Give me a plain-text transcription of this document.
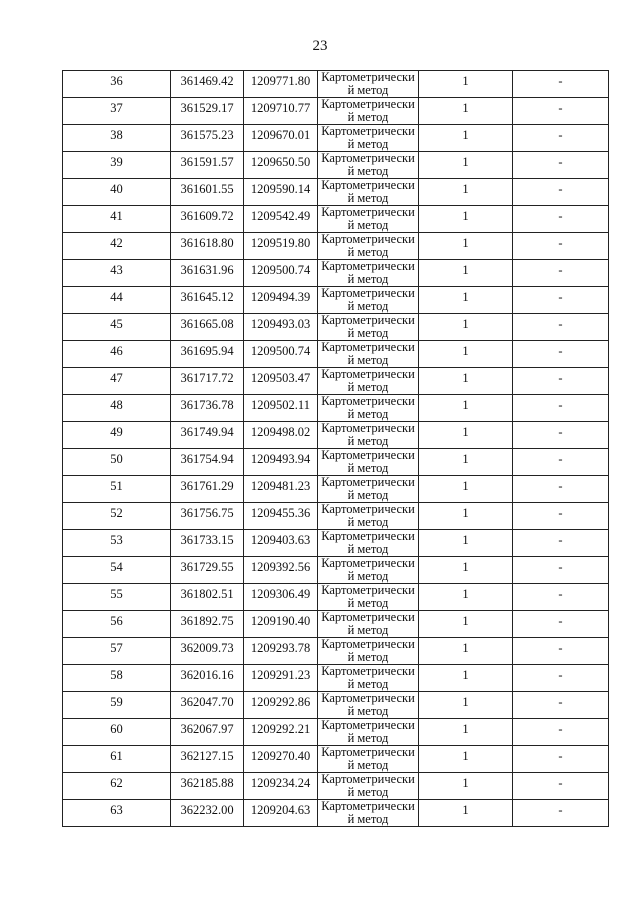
23
36	361469.42	1209771.80	Картометрический метод	1	-

37	361529.17	1209710.77	Картометрический метод	1	-

38	361575.23	1209670.01	Картометрический метод	1	-

39	361591.57	1209650.50	Картометрический метод	1	-

40	361601.55	1209590.14	Картометрический метод	1	-

41	361609.72	1209542.49	Картометрический метод	1	-

42	361618.80	1209519.80	Картометрический метод	1	-

43	361631.96	1209500.74	Картометрический метод	1	-

44	361645.12	1209494.39	Картометрический метод	1	-

45	361665.08	1209493.03	Картометрический метод	1	-

46	361695.94	1209500.74	Картометрический метод	1	-

47	361717.72	1209503.47	Картометрический метод	1	-

48	361736.78	1209502.11	Картометрический метод	1	-

49	361749.94	1209498.02	Картометрический метод	1	-

50	361754.94	1209493.94	Картометрический метод	1	-

51	361761.29	1209481.23	Картометрический метод	1	-

52	361756.75	1209455.36	Картометрический метод	1	-

53	361733.15	1209403.63	Картометрический метод	1	-

54	361729.55	1209392.56	Картометрический метод	1	-

55	361802.51	1209306.49	Картометрический метод	1	-

56	361892.75	1209190.40	Картометрический метод	1	-

57	362009.73	1209293.78	Картометрический метод	1	-

58	362016.16	1209291.23	Картометрический метод	1	-

59	362047.70	1209292.86	Картометрический метод	1	-

60	362067.97	1209292.21	Картометрический метод	1	-

61	362127.15	1209270.40	Картометрический метод	1	-

62	362185.88	1209234.24	Картометрический метод	1	-

63	362232.00	1209204.63	Картометрический метод	1	-
